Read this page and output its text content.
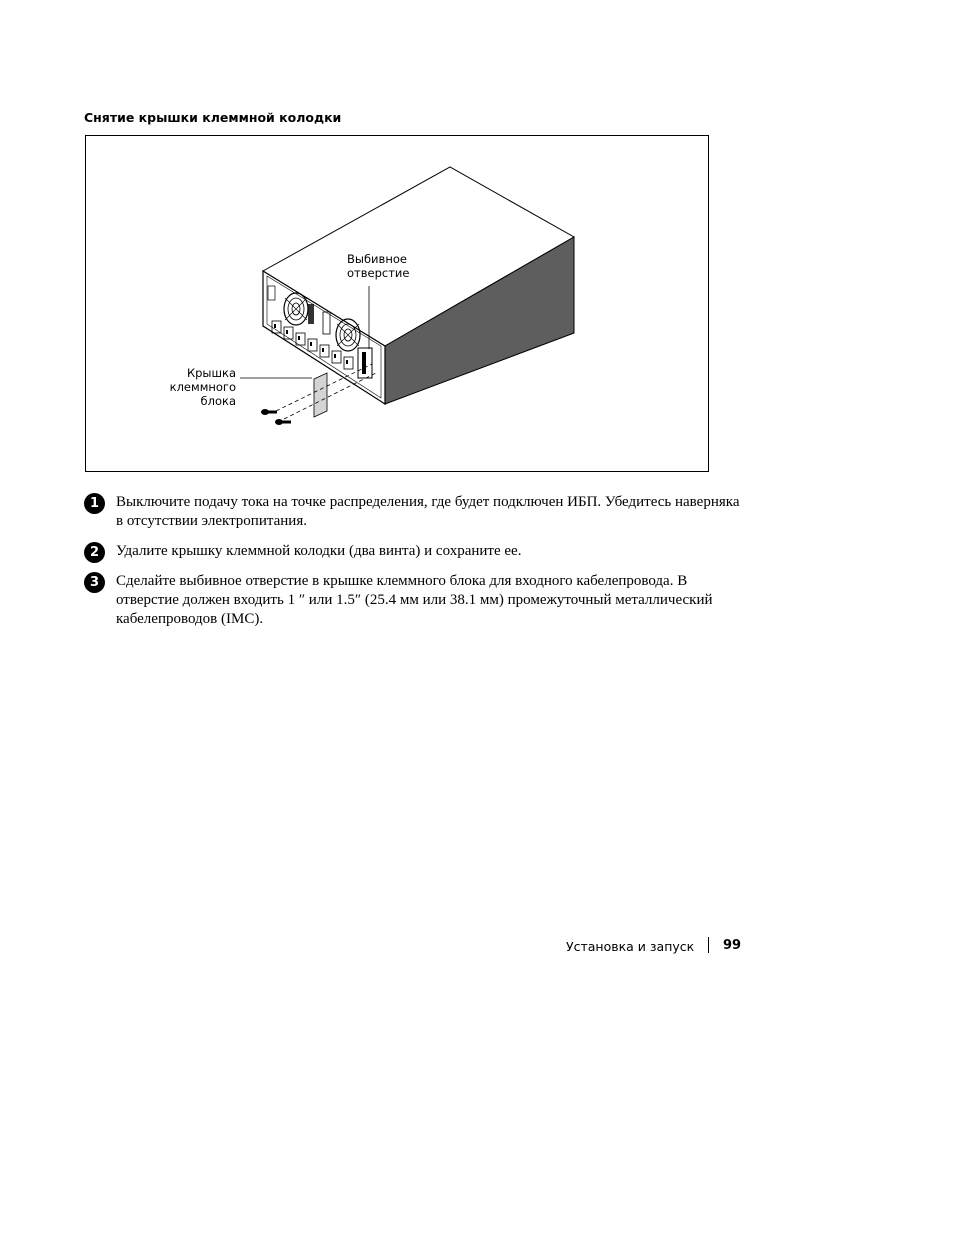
Снятие крышки клеммной колодки
Выбивное
отверстие
Крышка
клеммного
блока
1	Выключите подачу тока на точке распределения, где будет подключен ИБП. Убедитесь наверняка в отсутствии электропитания.
2	Удалите крышку клеммной колодки (два винта) и сохраните ее.
3	Сделайте выбивное отверстие в крышке клеммного блока для входного кабелепровода. В отверстие должен входить 1 ″ или 1.5″ (25.4 мм или 38.1 мм) промежуточный металлический кабелепроводов (IMC).
Установка и запуск 99
